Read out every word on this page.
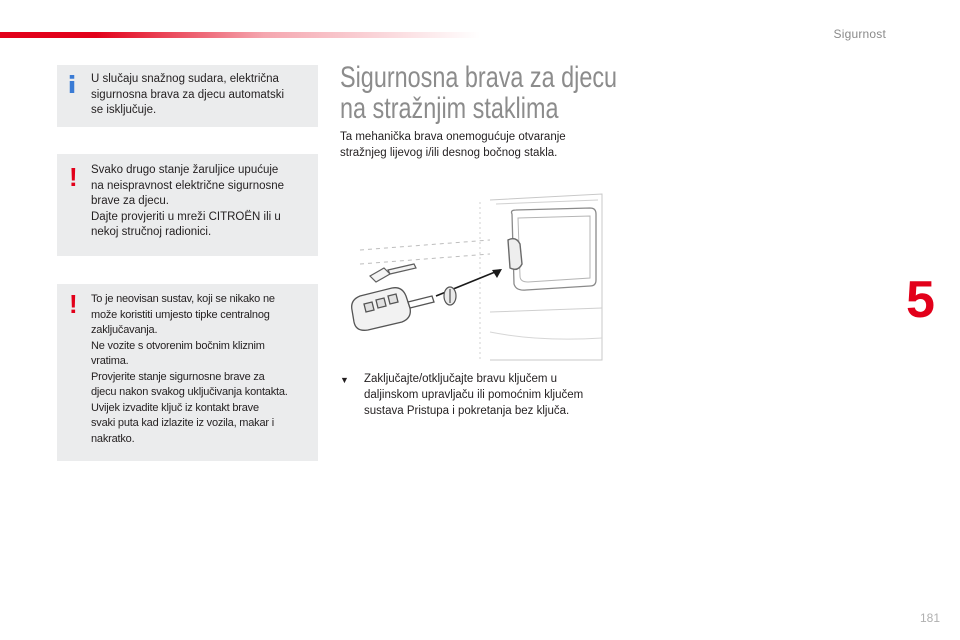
Sigurnost
5
181
U slučaju snažnog sudara, električna
sigurnosna brava za djecu automatski
se isključuje.
! Svako drugo stanje žaruljice upućuje
na neispravnost električne sigurnosne
brave za djecu.
Dajte provjeriti u mreži CITROËN ili u
nekoj stručnoj radionici.
! To je neovisan sustav, koji se nikako ne
može koristiti umjesto tipke centralnog
zaključavanja.
Ne vozite s otvorenim bočnim kliznim
vratima.
Provjerite stanje sigurnosne brave za
djecu nakon svakog uključivanja kontakta.
Uvijek izvadite ključ iz kontakt brave
svaki puta kad izlazite iz vozila, makar i
nakratko.
Sigurnosna brava za djecu
na stražnjim staklima
Ta mehanička brava onemogućuje otvaranje
stražnjeg lijevog i/ili desnog bočnog stakla.
▼ Zaključajte/otključajte bravu ključem u
daljinskom upravljaču ili pomoćnim ključem
sustava Pristupa i pokretanja bez ključa.
